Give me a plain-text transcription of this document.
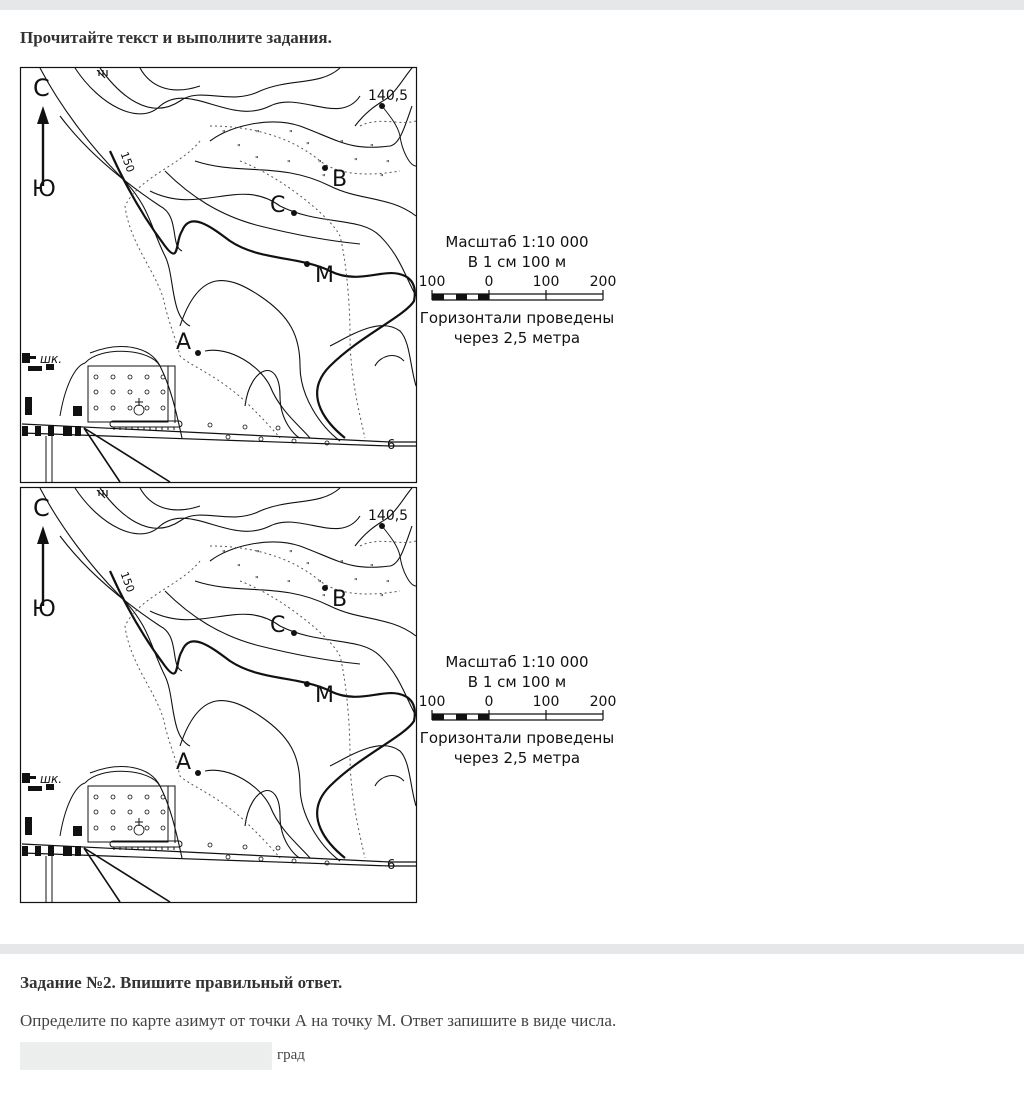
Прочитайте текст и выполните задания.
"	"	"
"	"	"	"
"	"	"	"	"
"	"
С
Ю
150
140,5
В
С
М
А
шк.
6
Масштаб 1:10 000
В 1 см 100 м
100	0	100 200
Горизонтали проведены
через 2,5 метра
"	"	"
"	"	"	"
"	"	"	"	"
"	"
С
Ю
150
140,5
В
С
М
А
шк.
6
Масштаб 1:10 000
В 1 см 100 м
100	0	100 200
Горизонтали проведены
через 2,5 метра
Задание №2. Впишите правильный ответ.
Определите по карте азимут от точки А на точку М. Ответ запишите в виде числа.
град
